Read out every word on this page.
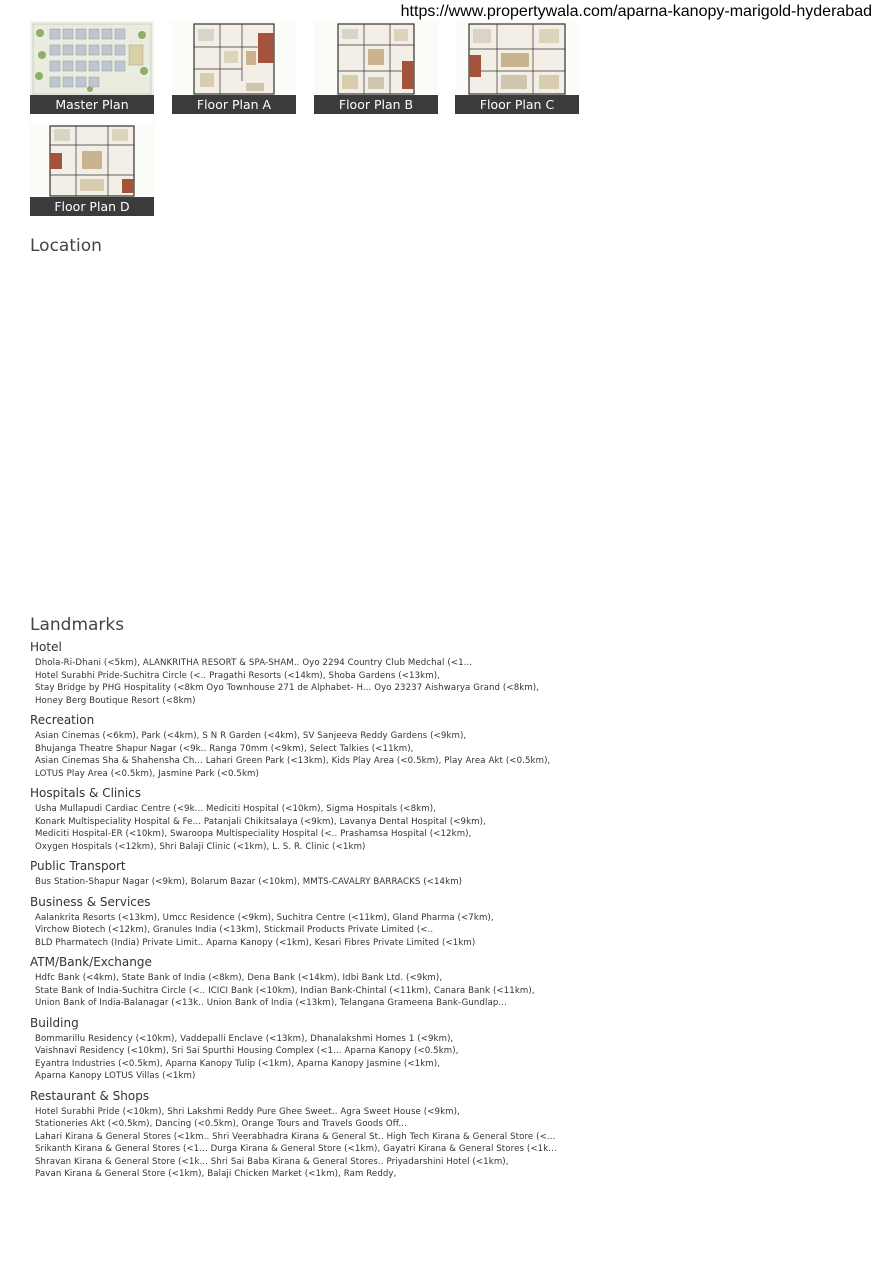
https://www.propertywala.com/aparna-kanopy-marigold-hyderabad
Master Plan	Floor Plan A	Floor Plan B	Floor Plan C
Floor Plan D
Location
Landmarks
Hotel
Dhola-Ri-Dhani (<5km), ALANKRITHA RESORT & SPA-SHAM.. Oyo 2294 Country Club Medchal (<1...
Hotel Surabhi Pride-Suchitra Circle (<.. Pragathi Resorts (<14km), Shoba Gardens (<13km),
Stay Bridge by PHG Hospitality (<8km Oyo Townhouse 271 de Alphabet- H... Oyo 23237 Aishwarya Grand (<8km),
Honey Berg Boutique Resort (<8km)
Recreation
Asian Cinemas (<6km), Park (<4km), S N R Garden (<4km), SV Sanjeeva Reddy Gardens (<9km),
Bhujanga Theatre Shapur Nagar (<9k.. Ranga 70mm (<9km), Select Talkies (<11km),
Asian Cinemas Sha & Shahensha Ch... Lahari Green Park (<13km), Kids Play Area (<0.5km), Play Area Akt (<0.5km),
LOTUS Play Area (<0.5km), Jasmine Park (<0.5km)
Hospitals & Clinics
Usha Mullapudi Cardiac Centre (<9k... Mediciti Hospital (<10km), Sigma Hospitals (<8km),
Konark Multispeciality Hospital & Fe... Patanjali Chikitsalaya (<9km), Lavanya Dental Hospital (<9km),
Mediciti Hospital-ER (<10km), Swaroopa Multispeciality Hospital (<.. Prashamsa Hospital (<12km),
Oxygen Hospitals (<12km), Shri Balaji Clinic (<1km), L. S. R. Clinic (<1km)
Public Transport
Bus Station-Shapur Nagar (<9km), Bolarum Bazar (<10km), MMTS-CAVALRY BARRACKS (<14km)
Business & Services
Aalankrita Resorts (<13km), Umcc Residence (<9km), Suchitra Centre (<11km), Gland Pharma (<7km),
Virchow Biotech (<12km), Granules India (<13km), Stickmail Products Private Limited (<..
BLD Pharmatech (India) Private Limit.. Aparna Kanopy (<1km), Kesari Fibres Private Limited (<1km)
ATM/Bank/Exchange
Hdfc Bank (<4km), State Bank of India (<8km), Dena Bank (<14km), Idbi Bank Ltd. (<9km),
State Bank of India-Suchitra Circle (<.. ICICI Bank (<10km), Indian Bank-Chintal (<11km), Canara Bank (<11km),
Union Bank of India-Balanagar (<13k.. Union Bank of India (<13km), Telangana Grameena Bank-Gundlap...
Building
Bommarillu Residency (<10km), Vaddepalli Enclave (<13km), Dhanalakshmi Homes 1 (<9km),
Vaishnavi Residency (<10km), Sri Sai Spurthi Housing Complex (<1... Aparna Kanopy (<0.5km),
Eyantra Industries (<0.5km), Aparna Kanopy Tulip (<1km), Aparna Kanopy Jasmine (<1km),
Aparna Kanopy LOTUS Villas (<1km)
Restaurant & Shops
Hotel Surabhi Pride (<10km), Shri Lakshmi Reddy Pure Ghee Sweet.. Agra Sweet House (<9km),
Stationeries Akt (<0.5km), Dancing (<0.5km), Orange Tours and Travels Goods Off...
Lahari Kirana & General Stores (<1km.. Shri Veerabhadra Kirana & General St.. High Tech Kirana & General Store (<...
Srikanth Kirana & General Stores (<1... Durga Kirana & General Store (<1km), Gayatri Kirana & General Stores (<1k...
Shravan Kirana & General Store (<1k... Shri Sai Baba Kirana & General Stores.. Priyadarshini Hotel (<1km),
Pavan Kirana & General Store (<1km), Balaji Chicken Market (<1km), Ram Reddy,
